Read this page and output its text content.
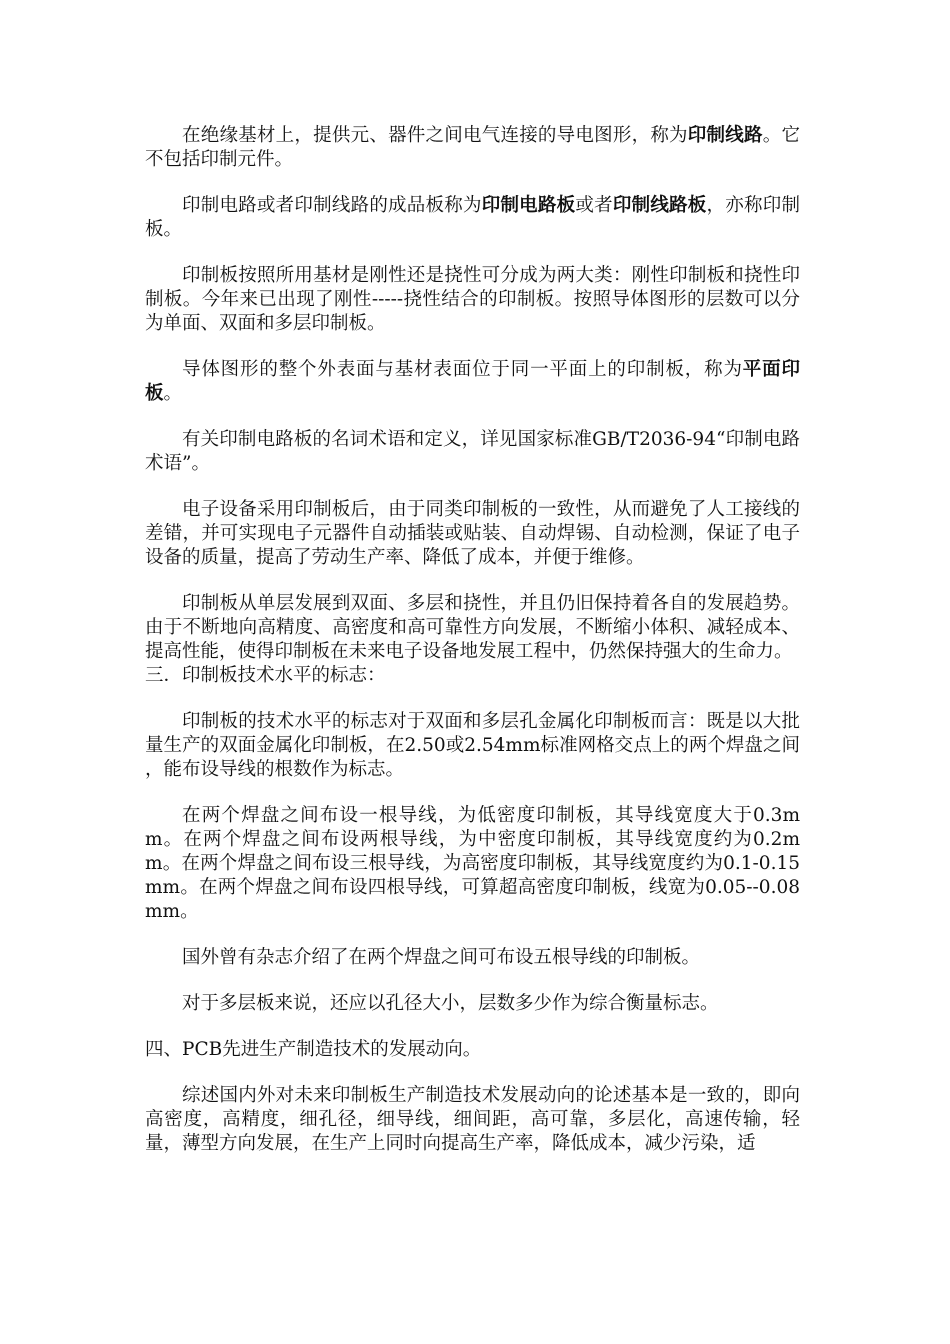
在绝缘基材上，提供元、器件之间电气连接的导电图形，称为印制线路。它不包括印制元件。

印制电路或者印制线路的成品板称为印制电路板或者印制线路板，亦称印制板。

印制板按照所用基材是刚性还是挠性可分成为两大类：刚性印制板和挠性印制板。今年来已出现了刚性-----挠性结合的印制板。按照导体图形的层数可以分为单面、双面和多层印制板。

导体图形的整个外表面与基材表面位于同一平面上的印制板，称为平面印板。

有关印制电路板的名词术语和定义，详见国家标准GB/T2036-94“印制电路术语”。

电子设备采用印制板后，由于同类印制板的一致性，从而避免了人工接线的差错，并可实现电子元器件自动插装或贴装、自动焊锡、自动检测，保证了电子设备的质量，提高了劳动生产率、降低了成本，并便于维修。

印制板从单层发展到双面、多层和挠性，并且仍旧保持着各自的发展趋势。由于不断地向高精度、高密度和高可靠性方向发展，不断缩小体积、减轻成本、提高性能，使得印制板在未来电子设备地发展工程中，仍然保持强大的生命力。

三．印制板技术水平的标志：

印制板的技术水平的标志对于双面和多层孔金属化印制板而言：既是以大批量生产的双面金属化印制板，在2.50或2.54mm标准网格交点上的两个焊盘之间 ，能布设导线的根数作为标志。

在两个焊盘之间布设一根导线，为低密度印制板，其导线宽度大于0.3mm。在两个焊盘之间布设两根导线，为中密度印制板，其导线宽度约为0.2mm。在两个焊盘之间布设三根导线，为高密度印制板，其导线宽度约为0.1-0.15mm。在两个焊盘之间布设四根导线，可算超高密度印制板，线宽为0.05--0.08mm。

国外曾有杂志介绍了在两个焊盘之间可布设五根导线的印制板。

对于多层板来说，还应以孔径大小，层数多少作为综合衡量标志。

四、PCB先进生产制造技术的发展动向。

综述国内外对未来印制板生产制造技术发展动向的论述基本是一致的，即向高密度，高精度，细孔径，细导线，细间距，高可靠，多层化，高速传输，轻量，薄型方向发展，在生产上同时向提高生产率，降低成本，减少污染，适
